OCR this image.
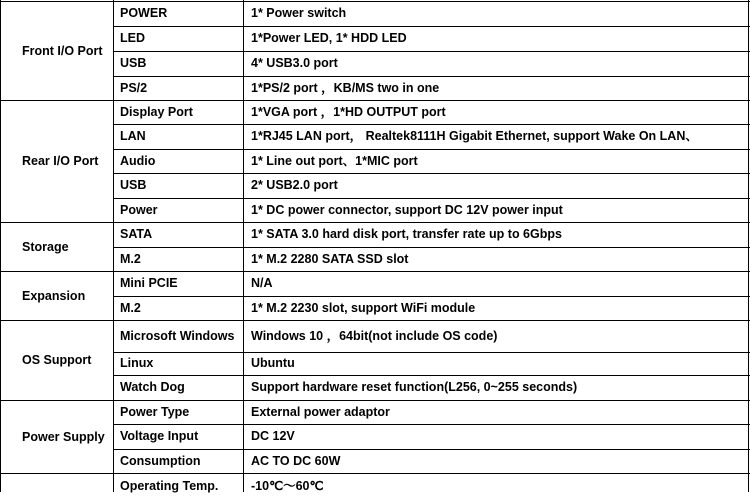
Front I/O Port
POWER	1* Power switch
LED	1*Power LED, 1* HDD LED
USB	4* USB3.0 port
PS/2	1*PS/2 port ，KB/MS two in one
Rear I/O Port
Display Port	1*VGA port ，1*HD OUTPUT port
LAN	1*RJ45 LAN port， Realtek8111H Gigabit Ethernet, support Wake On LAN、
Audio	1* Line out port、1*MIC port
USB	2* USB2.0 port
Power	1* DC power connector, support DC 12V power input
Storage
SATA	1* SATA 3.0 hard disk port, transfer rate up to 6Gbps
M.2	1* M.2 2280 SATA SSD slot
Expansion
Mini PCIE	N/A
M.2	1* M.2 2230 slot, support WiFi module
OS Support
Microsoft Windows	Windows 10 ，64bit(not include OS code)
Linux	Ubuntu
Watch Dog	Support hardware reset function(L256, 0~255 seconds)
Power Supply
Power Type	External power adaptor
Voltage Input	DC 12V
Consumption	AC TO DC 60W
Operating Temp.	-10℃～60℃
